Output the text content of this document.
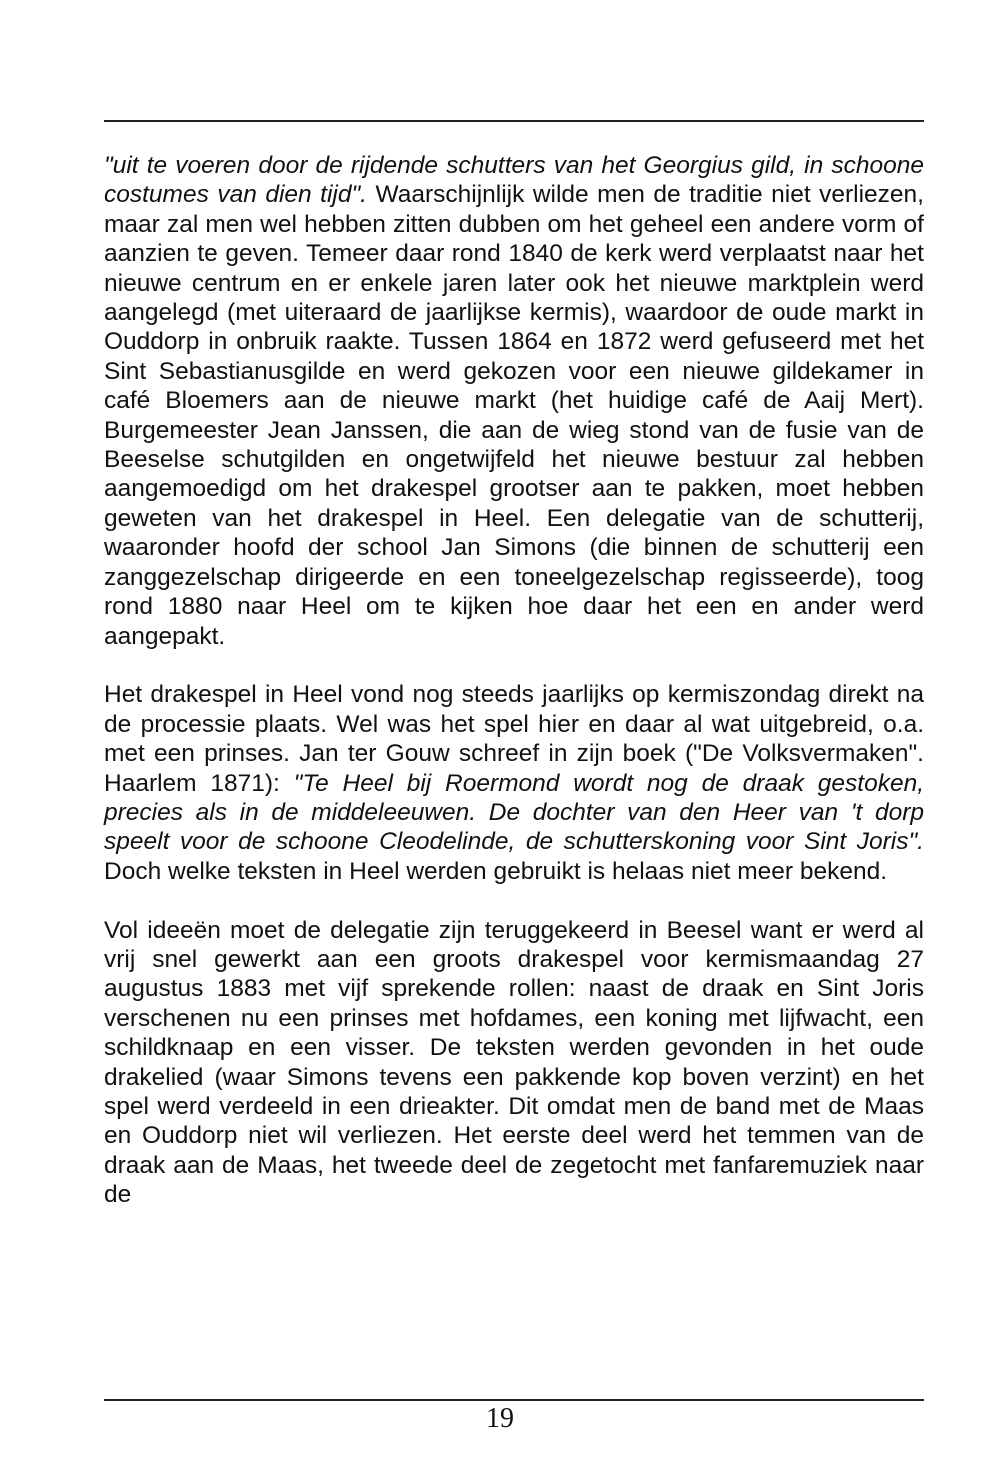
"uit te voeren door de rijdende schutters van het Georgius gild, in schoone costumes van dien tijd". Waarschijnlijk wilde men de traditie niet verliezen, maar zal men wel hebben zitten dubben om het geheel een andere vorm of aanzien te geven. Temeer daar rond 1840 de kerk werd verplaatst naar het nieuwe centrum en er enkele jaren later ook het nieuwe marktplein werd aangelegd (met uiteraard de jaarlijkse kermis), waardoor de oude markt in Ouddorp in onbruik raakte. Tussen 1864 en 1872 werd gefuseerd met het Sint Sebastianusgilde en werd gekozen voor een nieuwe gildekamer in café Bloemers aan de nieuwe markt (het huidige café de Aaij Mert). Burgemeester Jean Janssen, die aan de wieg stond van de fusie van de Beeselse schutgilden en ongetwijfeld het nieuwe bestuur zal hebben aangemoedigd om het drakespel grootser aan te pakken, moet hebben geweten van het drakespel in Heel. Een delegatie van de schutterij, waaronder hoofd der school Jan Simons (die binnen de schutterij een zanggezelschap dirigeerde en een toneelgezelschap regisseerde), toog rond 1880 naar Heel om te kijken hoe daar het een en ander werd aangepakt.

Het drakespel in Heel vond nog steeds jaarlijks op kermiszondag direkt na de processie plaats. Wel was het spel hier en daar al wat uitgebreid, o.a. met een prinses. Jan ter Gouw schreef in zijn boek ("De Volksvermaken". Haarlem 1871): "Te Heel bij Roermond wordt nog de draak gestoken, precies als in de middeleeuwen. De dochter van den Heer van 't dorp speelt voor de schoone Cleodelinde, de schutterskoning voor Sint Joris". Doch welke teksten in Heel werden gebruikt is helaas niet meer bekend.

Vol ideeën moet de delegatie zijn teruggekeerd in Beesel want er werd al vrij snel gewerkt aan een groots drakespel voor kermismaandag 27 augustus 1883 met vijf sprekende rollen: naast de draak en Sint Joris verschenen nu een prinses met hofdames, een koning met lijfwacht, een schildknaap en een visser. De teksten werden gevonden in het oude drakelied (waar Simons tevens een pakkende kop boven verzint) en het spel werd verdeeld in een drieakter. Dit omdat men de band met de Maas en Ouddorp niet wil verliezen. Het eerste deel werd het temmen van de draak aan de Maas, het tweede deel de zegetocht met fanfaremuziek naar de

19
